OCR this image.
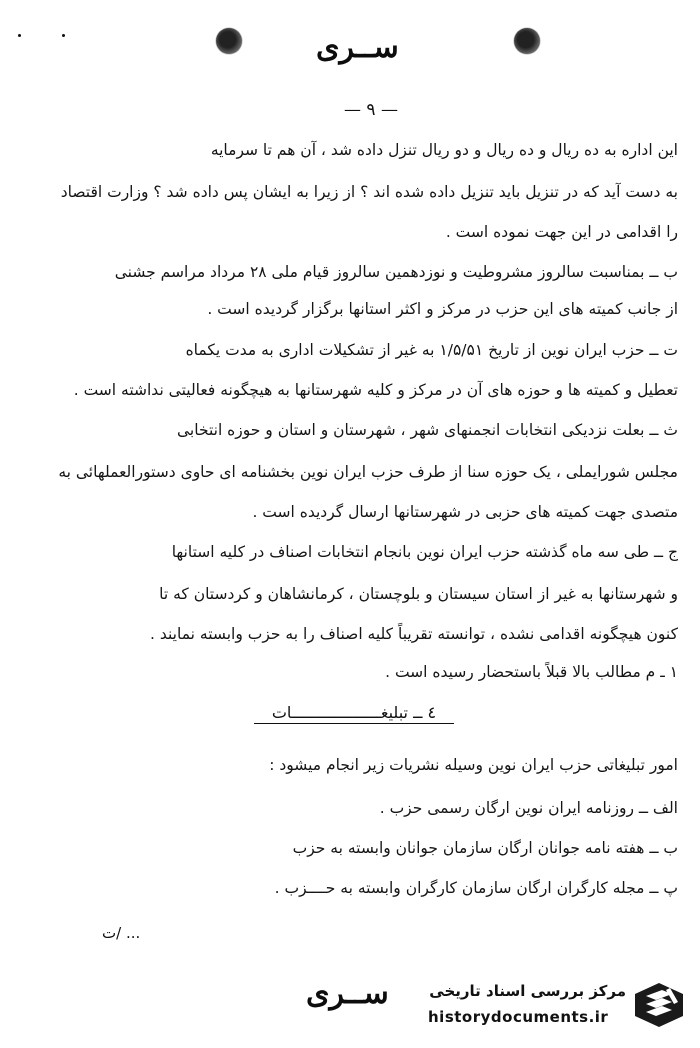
ســری
— ۹ —
این اداره به ده ریال و ده ریال و دو ریال تنزل داده شد ، آن هم تا سرمایه
به دست آید که در تنزیل باید تنزیل داده شده اند ؟ از زیرا به ایشان پس داده شد ؟ وزارت اقتصاد
را اقدامی در این جهت نموده است .
ب ــ بمناسبت سالروز مشروطیت و نوزدهمین سالروز قیام ملی ۲۸ مرداد مراسم جشنی
از جانب کمیته های این حزب در مرکز و اکثر استانها برگزار گردیده است .
ت ــ حزب ایران نوین از تاریخ ۱/۵/۵۱ به غیر از تشکیلات اداری به مدت یکماه
تعطیل و کمیته ها و حوزه های آن در مرکز و کلیه شهرستانها به هیچگونه فعالیتی نداشته است .
ث ــ بعلت نزدیکی انتخابات انجمنهای شهر ، شهرستان و استان و حوزه انتخابی
مجلس شورایملی ، یک حوزه سنا از طرف حزب ایران نوین بخشنامه ای حاوی دستورالعملهائی به
متصدی جهت کمیته های حزبی در شهرستانها ارسال گردیده است .
ج ــ طی سه ماه گذشته حزب ایران نوین بانجام انتخابات اصناف در کلیه استانها
و شهرستانها به غیر از استان سیستان و بلوچستان ، کرمانشاهان و کردستان که تا
کنون هیچگونه اقدامی نشده ، توانسته تقریباً کلیه اصناف را به حزب وابسته نمایند .
۱ ـ م مطالب بالا قبلاً باستحضار رسیده است .
٤ ــ تبلیغـــــــــــــــــــات
امور تبلیغاتی حزب ایران نوین وسیله نشریات زیر انجام میشود :
الف ــ روزنامه ایران نوین ارگان رسمی حزب .
ب ــ هفته نامه جوانان ارگان سازمان جوانان وابسته به حزب
پ ــ مجله کارگران ارگان سازمان کارگران وابسته به حــــزب .
ت/ ...
ســری	مرکز بررسی اسناد تاریخی
historydocuments.ir
